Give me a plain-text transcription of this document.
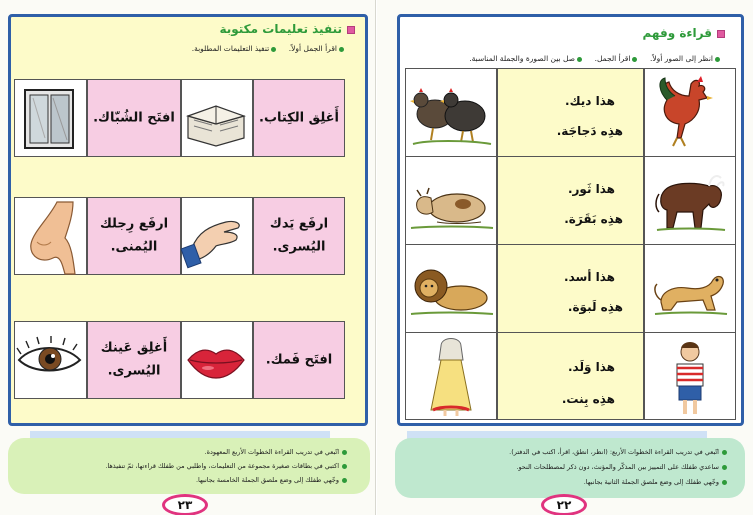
تنفيذ تعليمات مكتوبة
اقرأ الجمل أولاً.    تنفيذ التعليمات المطلوبة.
أَغلِق الكِتاب.
افتَح الشُبّاك.
ارفَع يَدك اليُسرى.
ارفَع رِجلك اليُمنى.
افتَح فَمك.
أَغلِق عَينك اليُسرى.
اتّبعي في تدريب القراءة الخطوات الأربع المعهودة.
اكتبي في بطاقات صغيرة مجموعة من التعليمات، واطلبي من طفلك قراءتها، ثمّ تنفيذها.
وجّهي طفلك إلى وضع ملصق الجملة الخامسة بجانبها.
٢٣
قراءة وفهم
انظر إلى الصور أولاً.    اقرأ الجمل.    صل بين الصورة والجملة المناسبة.
هذا ديك.
هذِه دَجاجَة.
هذا ثَور.
هذِه بَقَرَة.
هذا أسد.
هذِه لَبوَة.
هذا وَلَد.
هذِه بِنت.
اتّبعي في تدريب القراءة الخطوات الأربع: (انظر، انطق، اقرأ، اكتب في الدفتر).
ساعدي طفلك على التمييز بين المذكّر والمؤنث، دون ذكر لمصطلحات النحو.
وجّهي طفلك إلى وضع ملصق الجملة الثانية بجانبها.
٢٢
